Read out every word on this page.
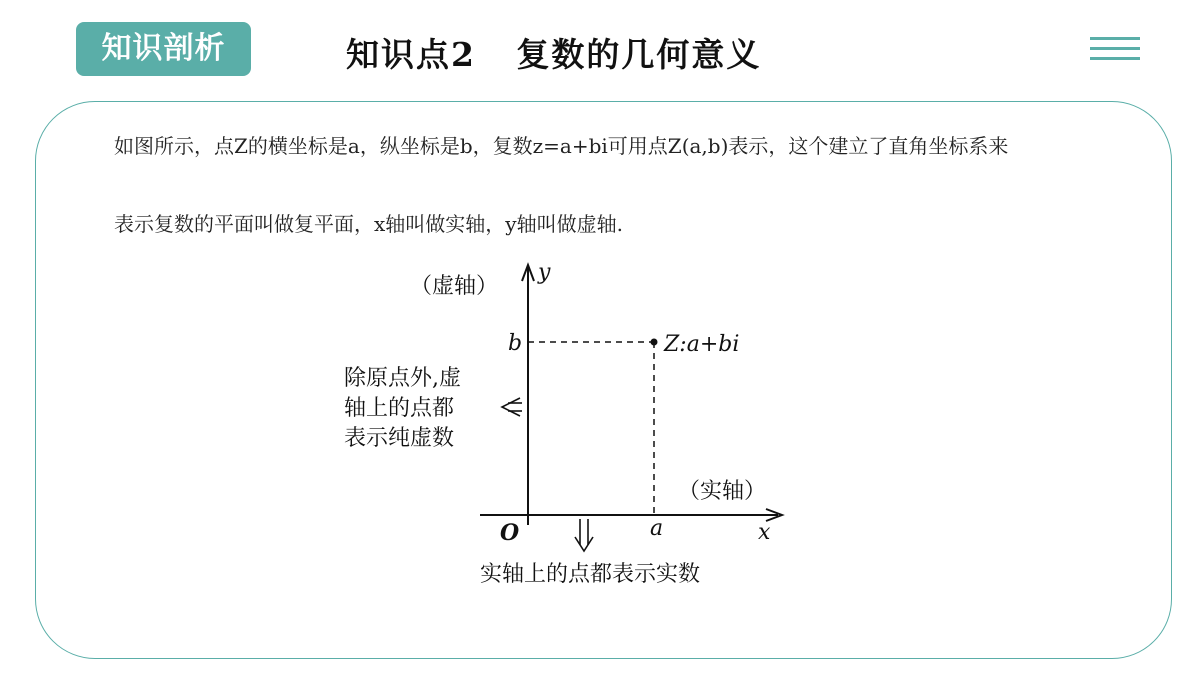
知识剖析	知识点2   复数的几何意义
如图所示，点Z的横坐标是a，纵坐标是b，复数z=a+bi可用点Z(a,b)表示，这个建立了直角坐标系来
表示复数的平面叫做复平面，x轴叫做实轴，y轴叫做虚轴.
（虚轴）
y
b	Z:a+bi
除原点外,虚
轴上的点都
表示纯虚数
（实轴）
O	a	x
实轴上的点都表示实数
